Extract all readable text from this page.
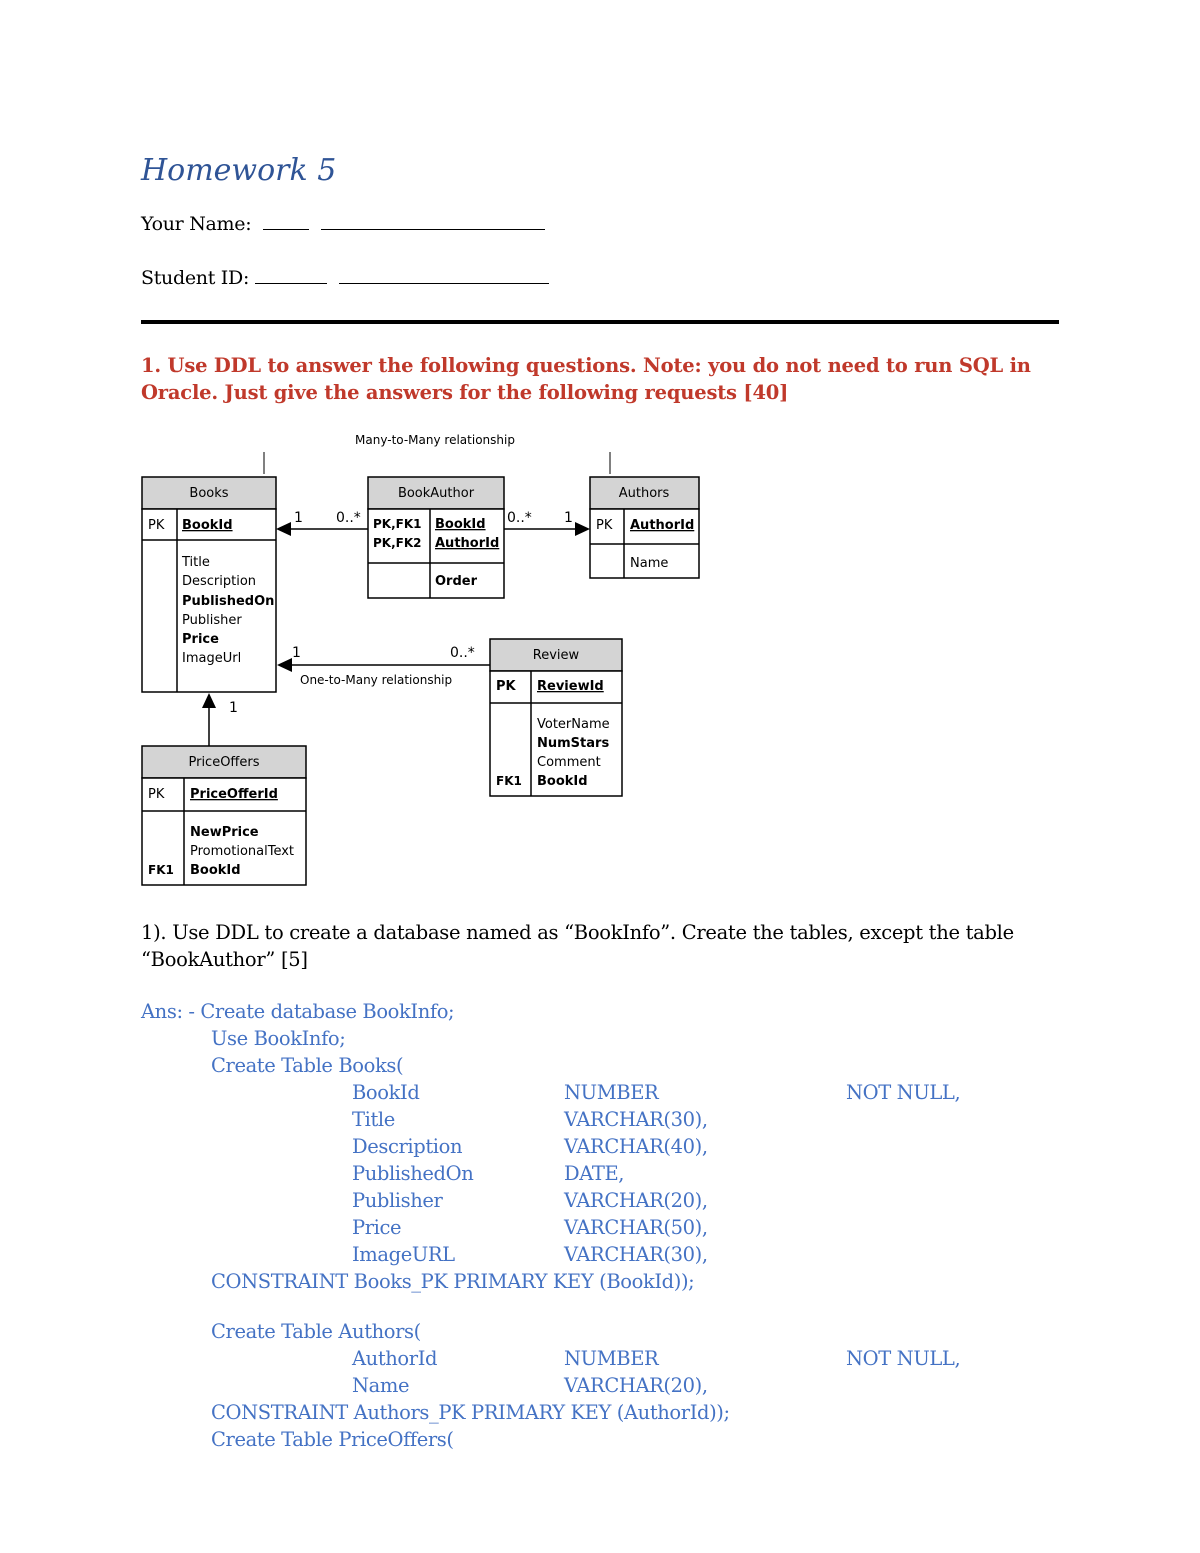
Homework 5
Your Name:
Student ID:
1. Use DDL to answer the following questions. Note: you do not need to run SQL in Oracle. Just give the answers for the following requests [40]
Many-to-Many relationship
Books
PK BookId
Title
Description
PublishedOn
Publisher
Price
ImageUrl
BookAuthor
PK,FK1
PK,FK2
BookId
AuthorId
Order
Authors
PK AuthorId
Name
Review
PK ReviewId
VoterName
NumStars
Comment
FK1 BookId
PriceOffers
PK PriceOfferId
NewPrice
PromotionalText
FK1 BookId
1 0..*	0..* 1
1	0..*
One-to-Many relationship
1
1). Use DDL to create a database named as “BookInfo”. Create the tables, except the table “BookAuthor” [5]
Ans: - Create database BookInfo;
Use BookInfo;
Create Table Books(
BookId	NUMBER	NOT NULL,
Title	VARCHAR(30),
Description	VARCHAR(40),
PublishedOn	DATE,
Publisher	VARCHAR(20),
Price	VARCHAR(50),
ImageURL	VARCHAR(30),
CONSTRAINT Books_PK PRIMARY KEY (BookId));
Create Table Authors(
AuthorId	NUMBER	NOT NULL,
Name	VARCHAR(20),
CONSTRAINT Authors_PK PRIMARY KEY (AuthorId));
Create Table PriceOffers(
